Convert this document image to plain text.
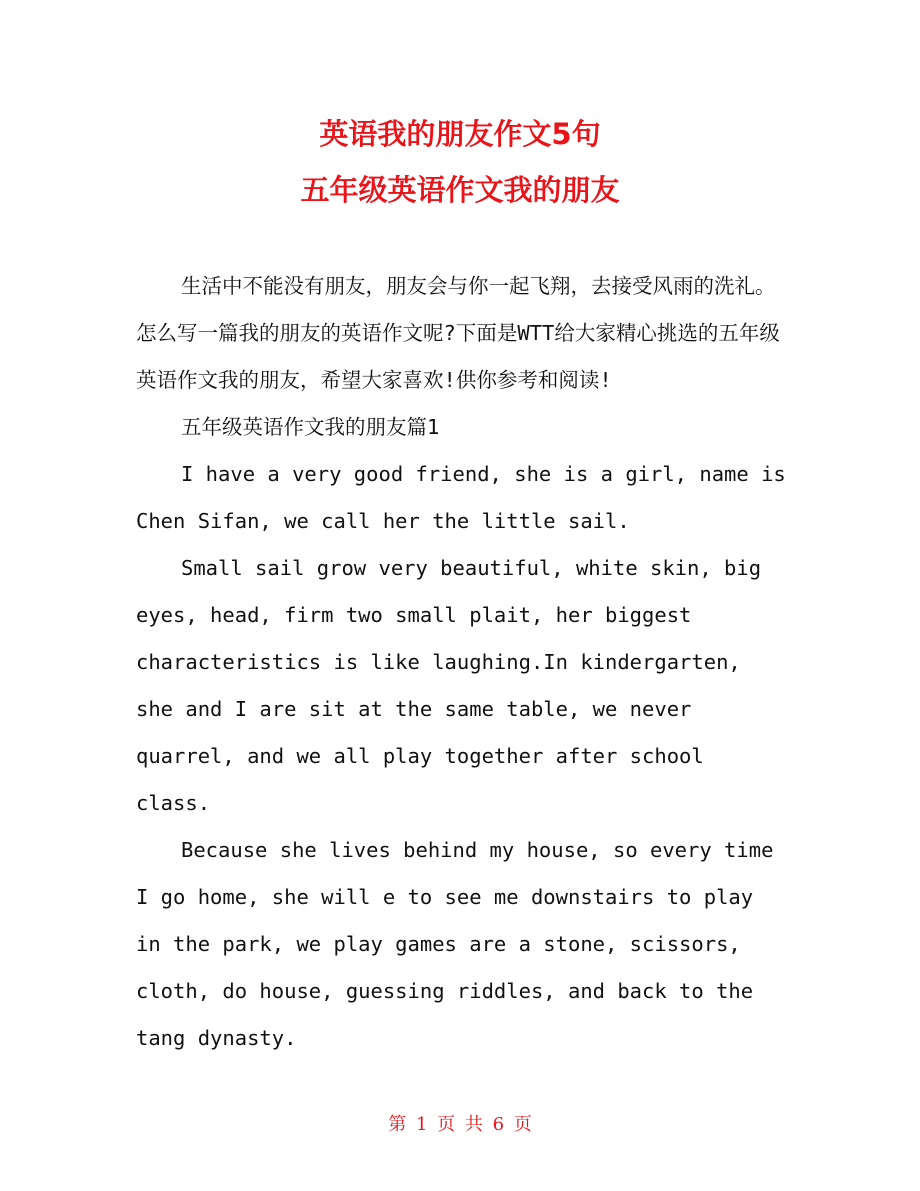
英语我的朋友作文5句
五年级英语作文我的朋友

生活中不能没有朋友，朋友会与你一起飞翔，去接受风雨的洗礼。怎么写一篇我的朋友的英语作文呢?下面是WTT给大家精心挑选的五年级英语作文我的朋友，希望大家喜欢!供你参考和阅读!

五年级英语作文我的朋友篇1

I have a very good friend, she is a girl, name is Chen Sifan, we call her the little sail.

Small sail grow very beautiful, white skin, big eyes, head, firm two small plait, her biggest characteristics is like laughing.In kindergarten, she and I are sit at the same table, we never quarrel, and we all play together after school class.

Because she lives behind my house, so every time I go home, she will e to see me downstairs to play in the park, we play games are a stone, scissors, cloth, do house, guessing riddles, and back to the tang dynasty.

第 1 页 共 6 页
